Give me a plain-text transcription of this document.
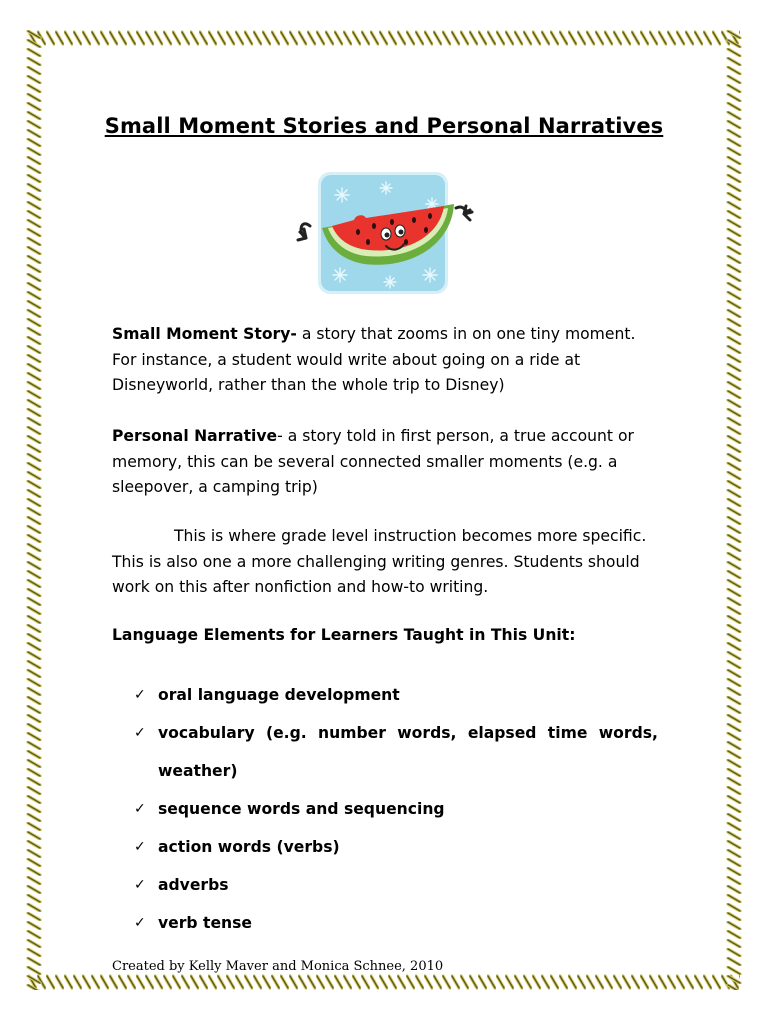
Small Moment Stories and Personal Narratives

Small Moment Story- a story that zooms in on one tiny moment. For instance, a student would write about going on a ride at Disneyworld, rather than the whole trip to Disney)

Personal Narrative- a story told in first person, a true account or memory, this can be several connected smaller moments (e.g. a sleepover, a camping trip)

This is where grade level instruction becomes more specific. This is also one a more challenging writing genres. Students should work on this after nonfiction and how-to writing.

Language Elements for Learners Taught in This Unit:
✓ oral language development
✓ vocabulary (e.g. number words, elapsed time words,
weather)
✓ sequence words and sequencing
✓ action words (verbs)
✓ adverbs
✓ verb tense
Created by Kelly Maver and Monica Schnee, 2010
